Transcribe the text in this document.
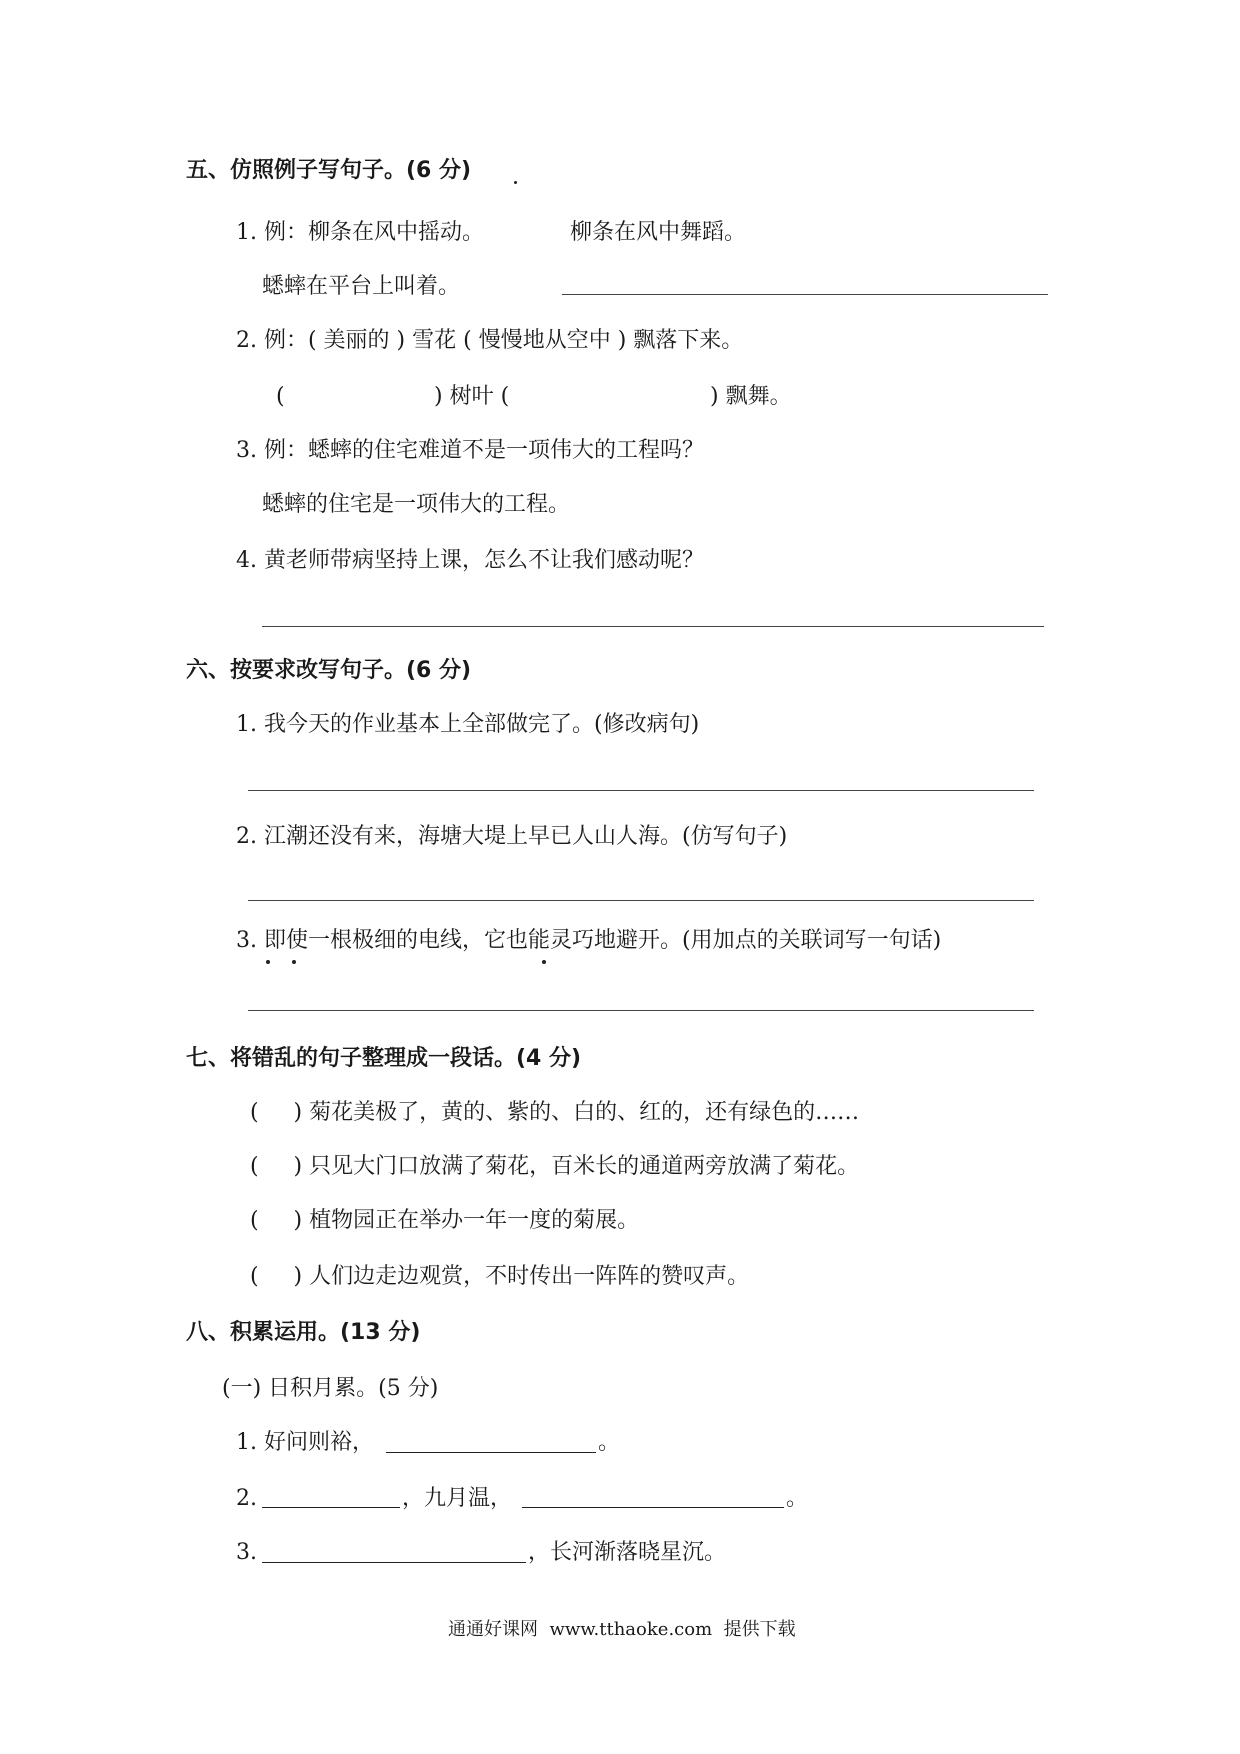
五、仿照例子写句子。(6 分)
1. 例：柳条在风中摇动。	柳条在风中舞蹈。
蟋蟀在平台上叫着。
2. 例：( 美丽的 ) 雪花 ( 慢慢地从空中 ) 飘落下来。
(	) 树叶 (	) 飘舞。
3. 例：蟋蟀的住宅难道不是一项伟大的工程吗？
蟋蟀的住宅是一项伟大的工程。
4. 黄老师带病坚持上课，怎么不让我们感动呢？
六、按要求改写句子。(6 分)
1. 我今天的作业基本上全部做完了。(修改病句)
2. 江潮还没有来，海塘大堤上早已人山人海。(仿写句子)
3. 即使一根极细的电线，它也能灵巧地避开。(用加点的关联词写一句话)
七、将错乱的句子整理成一段话。(4 分)
(     ) 菊花美极了，黄的、紫的、白的、红的，还有绿色的……
(     ) 只见大门口放满了菊花，百米长的通道两旁放满了菊花。
(     ) 植物园正在举办一年一度的菊展。
(     ) 人们边走边观赏，不时传出一阵阵的赞叹声。
八、积累运用。(13 分)
(一) 日积月累。(5 分)
1. 好问则裕，	。
2.	，九月温，	。
3.	，长河渐落晓星沉。
通通好课网  www.tthaoke.com  提供下载
